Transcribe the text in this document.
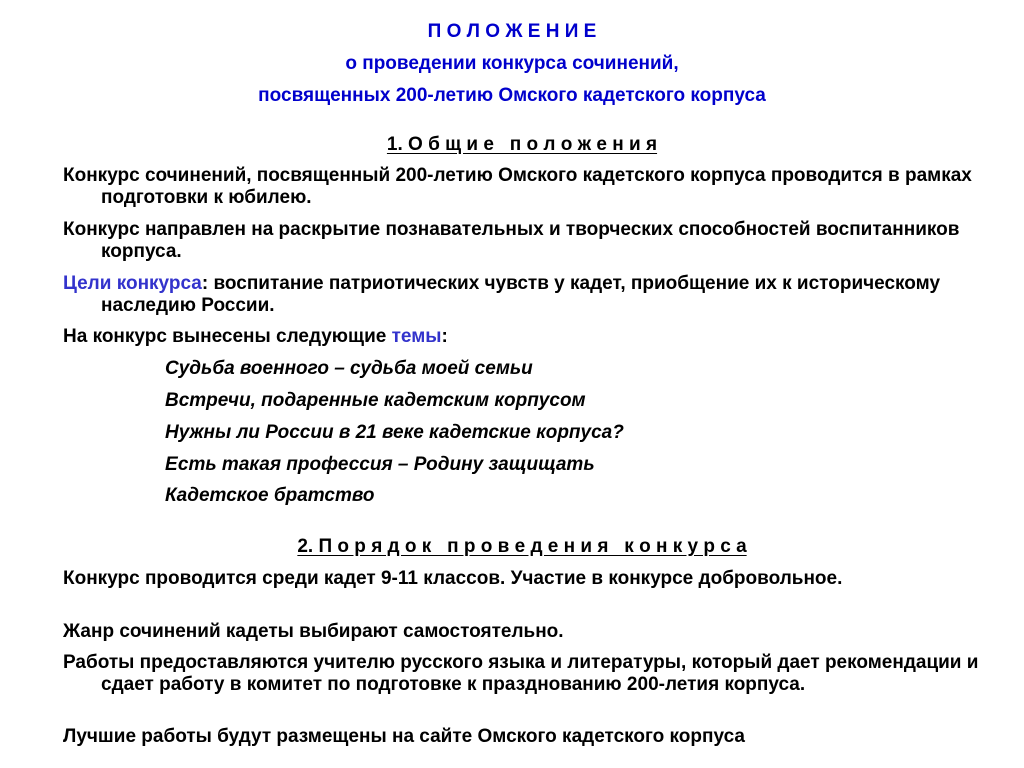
П О Л О Ж Е Н И Е
о проведении конкурса сочинений,
посвященных 200-летию Омского кадетского корпуса
1. О б щ и е   п о л о ж е н и я
Конкурс сочинений, посвященный 200-летию Омского кадетского корпуса проводится в рамках подготовки к юбилею.
Конкурс направлен на раскрытие познавательных и творческих способностей воспитанников корпуса.
Цели конкурса: воспитание патриотических чувств у кадет, приобщение их к историческому наследию России.
На конкурс вынесены следующие темы:
Судьба военного – судьба моей семьи
Встречи, подаренные кадетским корпусом
Нужны ли России в 21 веке кадетские корпуса?
Есть такая профессия – Родину защищать
Кадетское братство
2. П о р я д о к   п р о в е д е н и я   к о н к у р с а
Конкурс проводится среди кадет 9-11 классов. Участие в конкурсе добровольное.
Жанр сочинений кадеты выбирают самостоятельно.
Работы предоставляются учителю русского языка и литературы, который дает рекомендации и сдает работу в комитет по подготовке к празднованию 200-летия корпуса.
Лучшие работы будут размещены на сайте Омского кадетского корпуса
